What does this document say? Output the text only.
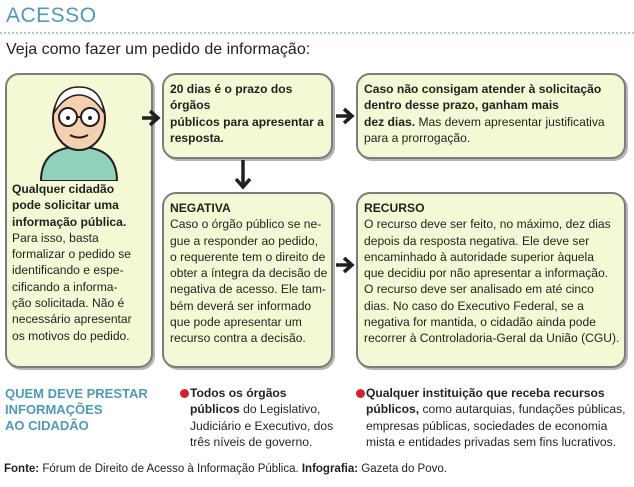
ACESSO
Veja como fazer um pedido de informação:
Qualquer cidadão
pode solicitar uma
informação pública.
Para isso, basta
formalizar o pedido se
identificando e espe-
cificando a informa-
ção solicitada. Não é
necessário apresentar
os motivos do pedido.
20 dias é o prazo dos órgãos
públicos para apresentar a
resposta.
Caso não consigam atender à solicitação
dentro desse prazo, ganham mais
dez dias. Mas devem apresentar justificativa
para a prorrogação.
NEGATIVA
Caso o órgão público se ne-
gue a responder ao pedido,
o requerente tem o direito de
obter a íntegra da decisão de
negativa de acesso. Ele tam-
bém deverá ser informado
que pode apresentar um
recurso contra a decisão.
RECURSO
O recurso deve ser feito, no máximo, dez dias
depois da resposta negativa. Ele deve ser
encaminhado à autoridade superior àquela
que decidiu por não apresentar a informação.
O recurso deve ser analisado em até cinco
dias. No caso do Executivo Federal, se a
negativa for mantida, o cidadão ainda pode
recorrer à Controladoria-Geral da União (CGU).
QUEM DEVE PRESTAR
INFORMAÇÕES
AO CIDADÃO
Todos os órgãos
públicos do Legislativo,
Judiciário e Executivo, dos
três níveis de governo.
Qualquer instituição que receba recursos
públicos, como autarquias, fundações públicas,
empresas públicas, sociedades de economia
mista e entidades privadas sem fins lucrativos.
Fonte: Fórum de Direito de Acesso à Informação Pública. Infografia: Gazeta do Povo.
